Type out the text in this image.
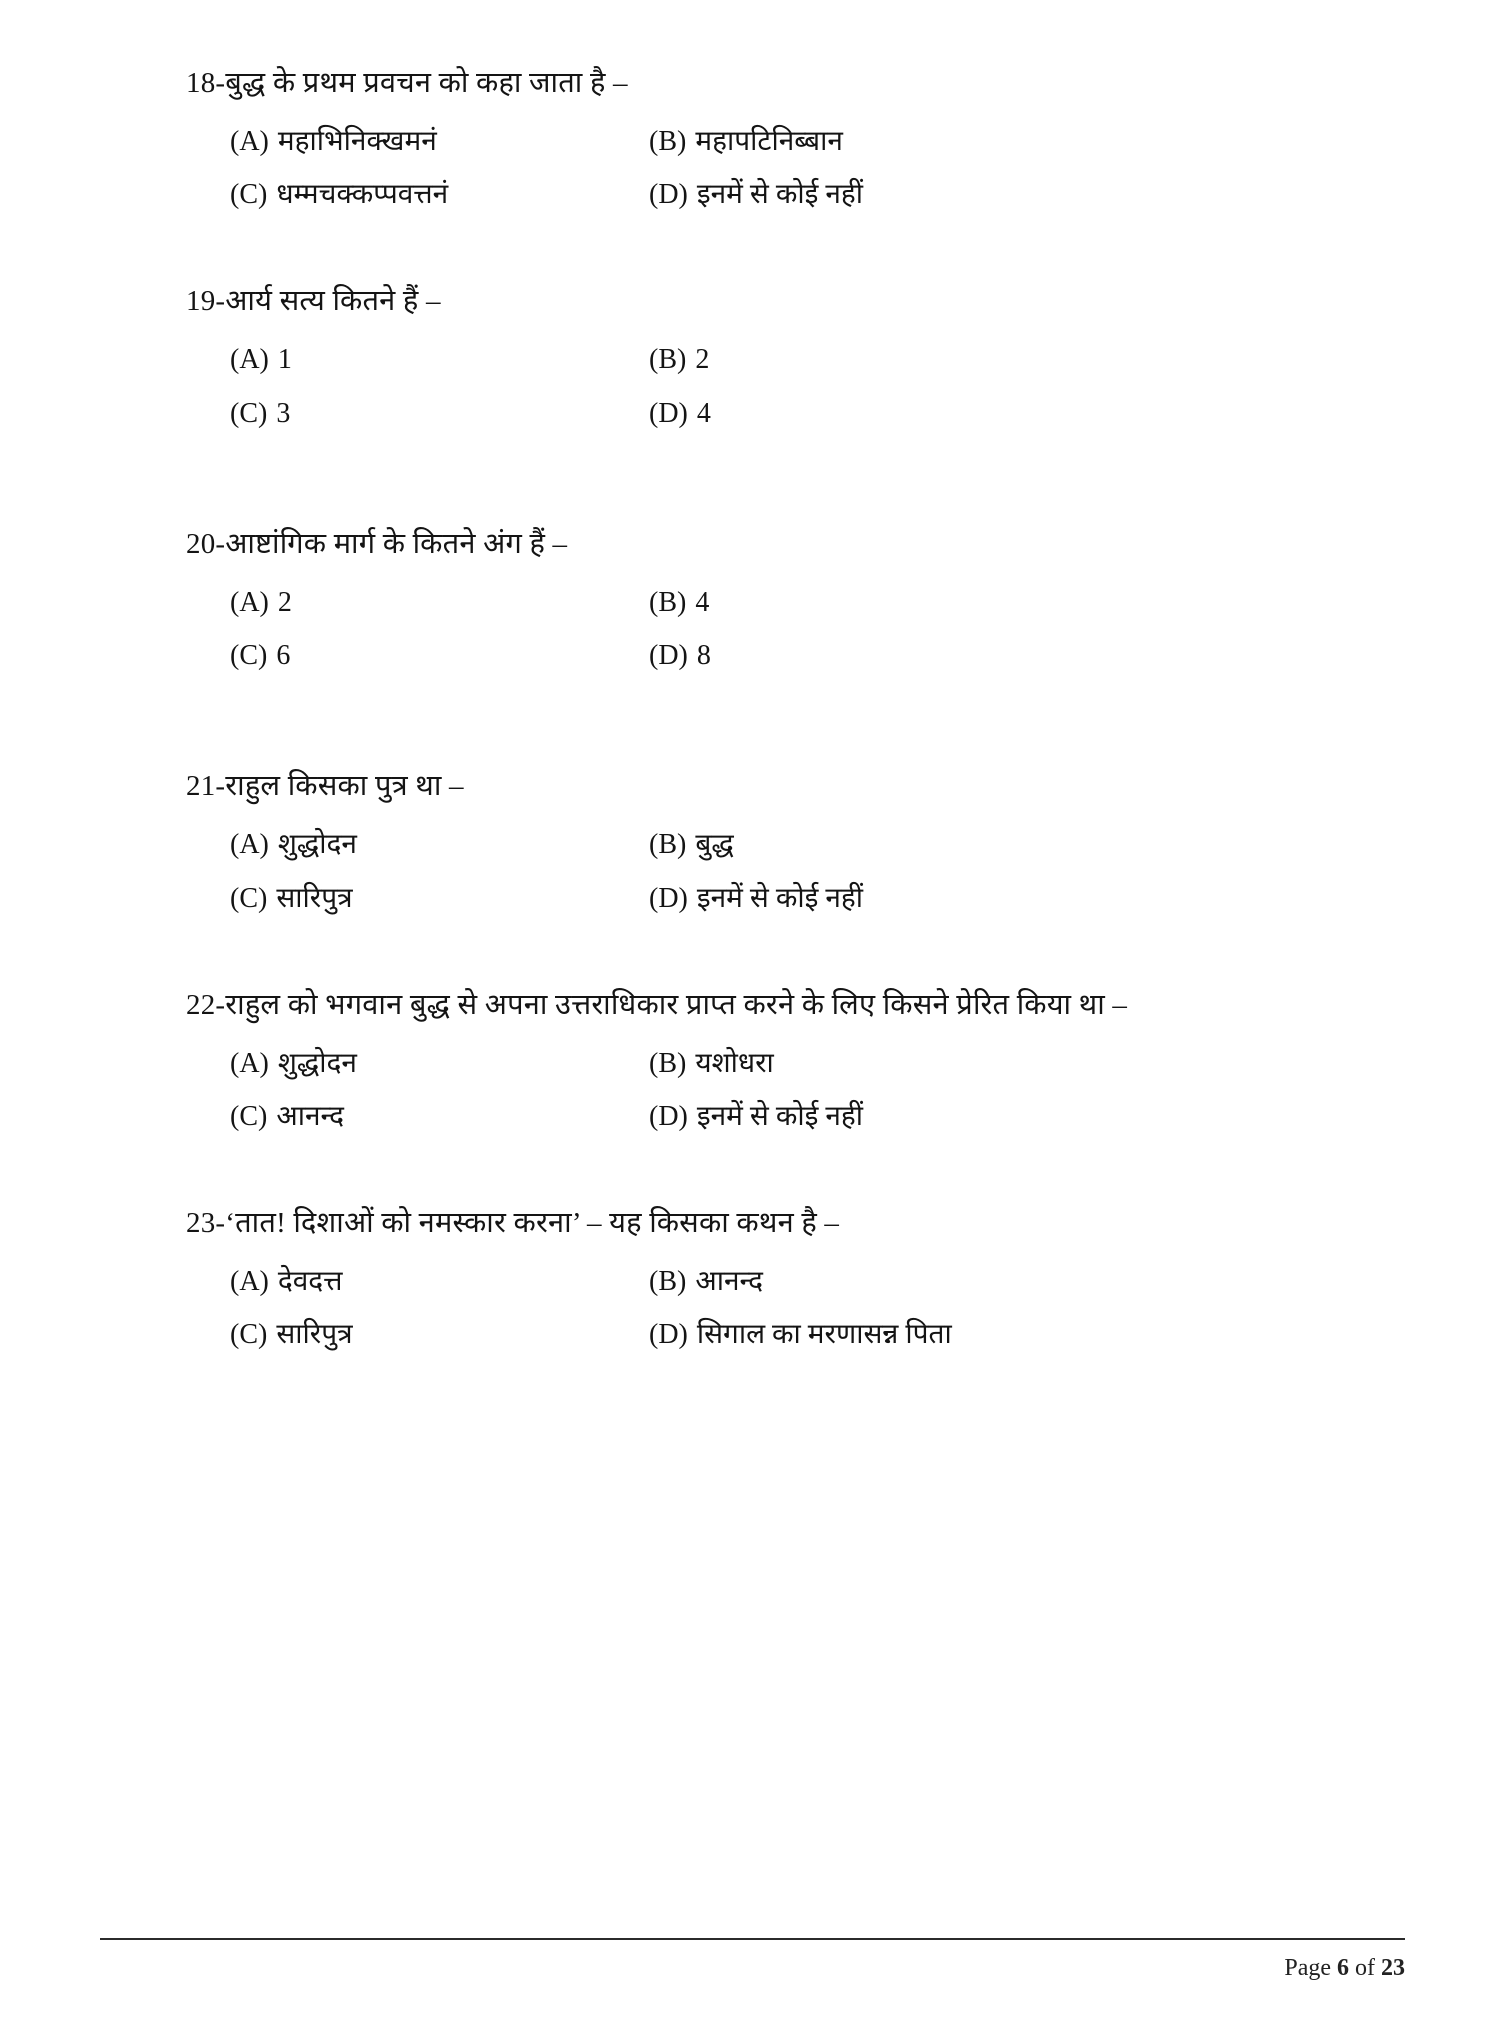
18-बुद्ध के प्रथम प्रवचन को कहा जाता है –
(A) महाभिनिक्खमनं	(B) महापटिनिब्बान
(C) धम्मचक्कप्पवत्तनं	(D) इनमें से कोई नहीं
19-आर्य सत्य कितने हैं –
(A) 1	(B) 2
(C) 3	(D) 4
20-आष्टांगिक मार्ग के कितने अंग हैं –
(A) 2	(B) 4
(C) 6	(D) 8
21-राहुल किसका पुत्र था –
(A) शुद्धोदन	(B) बुद्ध
(C) सारिपुत्र	(D) इनमें से कोई नहीं
22-राहुल को भगवान बुद्ध से अपना उत्तराधिकार प्राप्त करने के लिए किसने प्रेरित किया था –
(A) शुद्धोदन	(B) यशोधरा
(C) आनन्द	(D) इनमें से कोई नहीं
23-‘तात! दिशाओं को नमस्कार करना’ – यह किसका कथन है –
(A) देवदत्त	(B) आनन्द
(C) सारिपुत्र	(D) सिगाल का मरणासन्न पिता
Page 6 of 23
